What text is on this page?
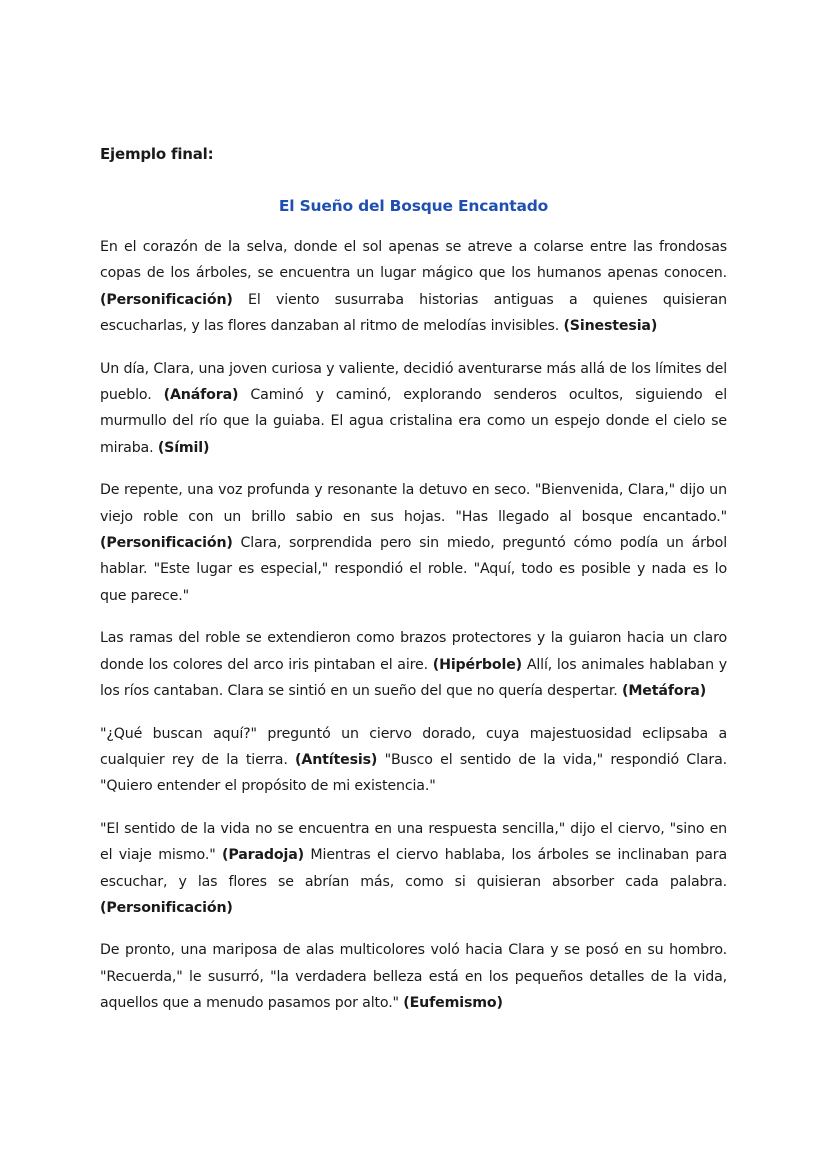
Ejemplo final:
El Sueño del Bosque Encantado

En el corazón de la selva, donde el sol apenas se atreve a colarse entre las frondosas copas de los árboles, se encuentra un lugar mágico que los humanos apenas conocen. (Personificación) El viento susurraba historias antiguas a quienes quisieran escucharlas, y las flores danzaban al ritmo de melodías invisibles. (Sinestesia)

Un día, Clara, una joven curiosa y valiente, decidió aventurarse más allá de los límites del pueblo. (Anáfora) Caminó y caminó, explorando senderos ocultos, siguiendo el murmullo del río que la guiaba. El agua cristalina era como un espejo donde el cielo se miraba. (Símil)

De repente, una voz profunda y resonante la detuvo en seco. "Bienvenida, Clara," dijo un viejo roble con un brillo sabio en sus hojas. "Has llegado al bosque encantado." (Personificación) Clara, sorprendida pero sin miedo, preguntó cómo podía un árbol hablar. "Este lugar es especial," respondió el roble. "Aquí, todo es posible y nada es lo que parece."

Las ramas del roble se extendieron como brazos protectores y la guiaron hacia un claro donde los colores del arco iris pintaban el aire. (Hipérbole) Allí, los animales hablaban y los ríos cantaban. Clara se sintió en un sueño del que no quería despertar. (Metáfora)

"¿Qué buscan aquí?" preguntó un ciervo dorado, cuya majestuosidad eclipsaba a cualquier rey de la tierra. (Antítesis) "Busco el sentido de la vida," respondió Clara. "Quiero entender el propósito de mi existencia."

"El sentido de la vida no se encuentra en una respuesta sencilla," dijo el ciervo, "sino en el viaje mismo." (Paradoja) Mientras el ciervo hablaba, los árboles se inclinaban para escuchar, y las flores se abrían más, como si quisieran absorber cada palabra. (Personificación)

De pronto, una mariposa de alas multicolores voló hacia Clara y se posó en su hombro. "Recuerda," le susurró, "la verdadera belleza está en los pequeños detalles de la vida, aquellos que a menudo pasamos por alto." (Eufemismo)
